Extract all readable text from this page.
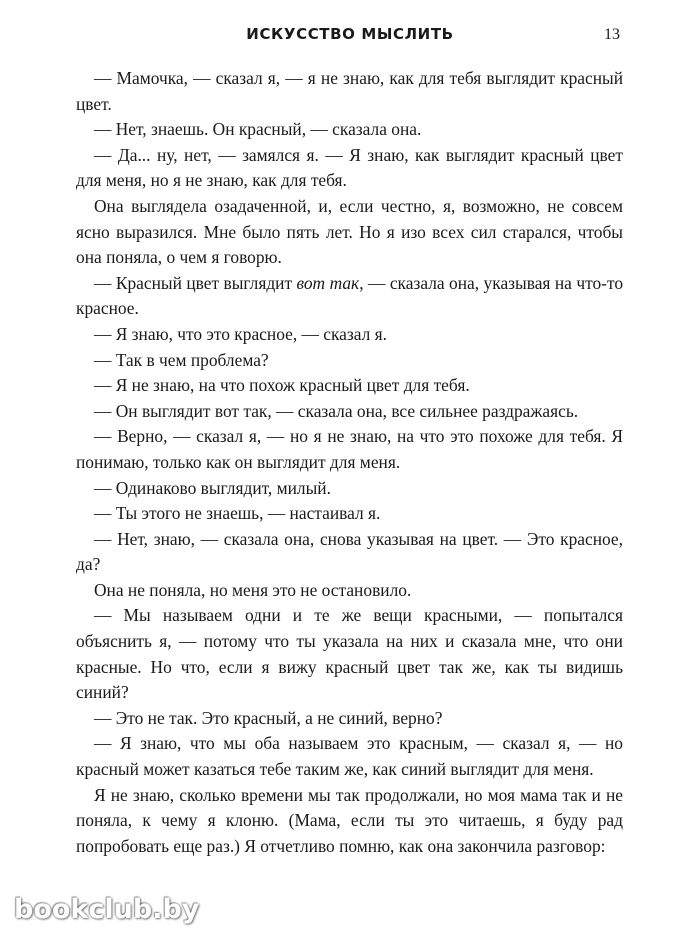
ИСКУССТВО МЫСЛИТЬ	13

— Мамочка, — сказал я, — я не знаю, как для тебя выглядит красный цвет.

— Нет, знаешь. Он красный, — сказала она.

— Да... ну, нет, — замялся я. — Я знаю, как выглядит красный цвет для меня, но я не знаю, как для тебя.

Она выглядела озадаченной, и, если честно, я, возможно, не совсем ясно выразился. Мне было пять лет. Но я изо всех сил старался, чтобы она поняла, о чем я говорю.

— Красный цвет выглядит вот так, — сказала она, указывая на что-то красное.

— Я знаю, что это красное, — сказал я.

— Так в чем проблема?

— Я не знаю, на что похож красный цвет для тебя.

— Он выглядит вот так, — сказала она, все сильнее раздражаясь.

— Верно, — сказал я, — но я не знаю, на что это похоже для тебя. Я понимаю, только как он выглядит для меня.

— Одинаково выглядит, милый.

— Ты этого не знаешь, — настаивал я.

— Нет, знаю, — сказала она, снова указывая на цвет. — Это красное, да?

Она не поняла, но меня это не остановило.

— Мы называем одни и те же вещи красными, — попытался объяснить я, — потому что ты указала на них и сказала мне, что они красные. Но что, если я вижу красный цвет так же, как ты видишь синий?

— Это не так. Это красный, а не синий, верно?

— Я знаю, что мы оба называем это красным, — сказал я, — но красный может казаться тебе таким же, как синий выглядит для меня.

Я не знаю, сколько времени мы так продолжали, но моя мама так и не поняла, к чему я клоню. (Мама, если ты это читаешь, я буду рад попробовать еще раз.) Я отчетливо помню, как она закончила разговор:

bookclub.by
